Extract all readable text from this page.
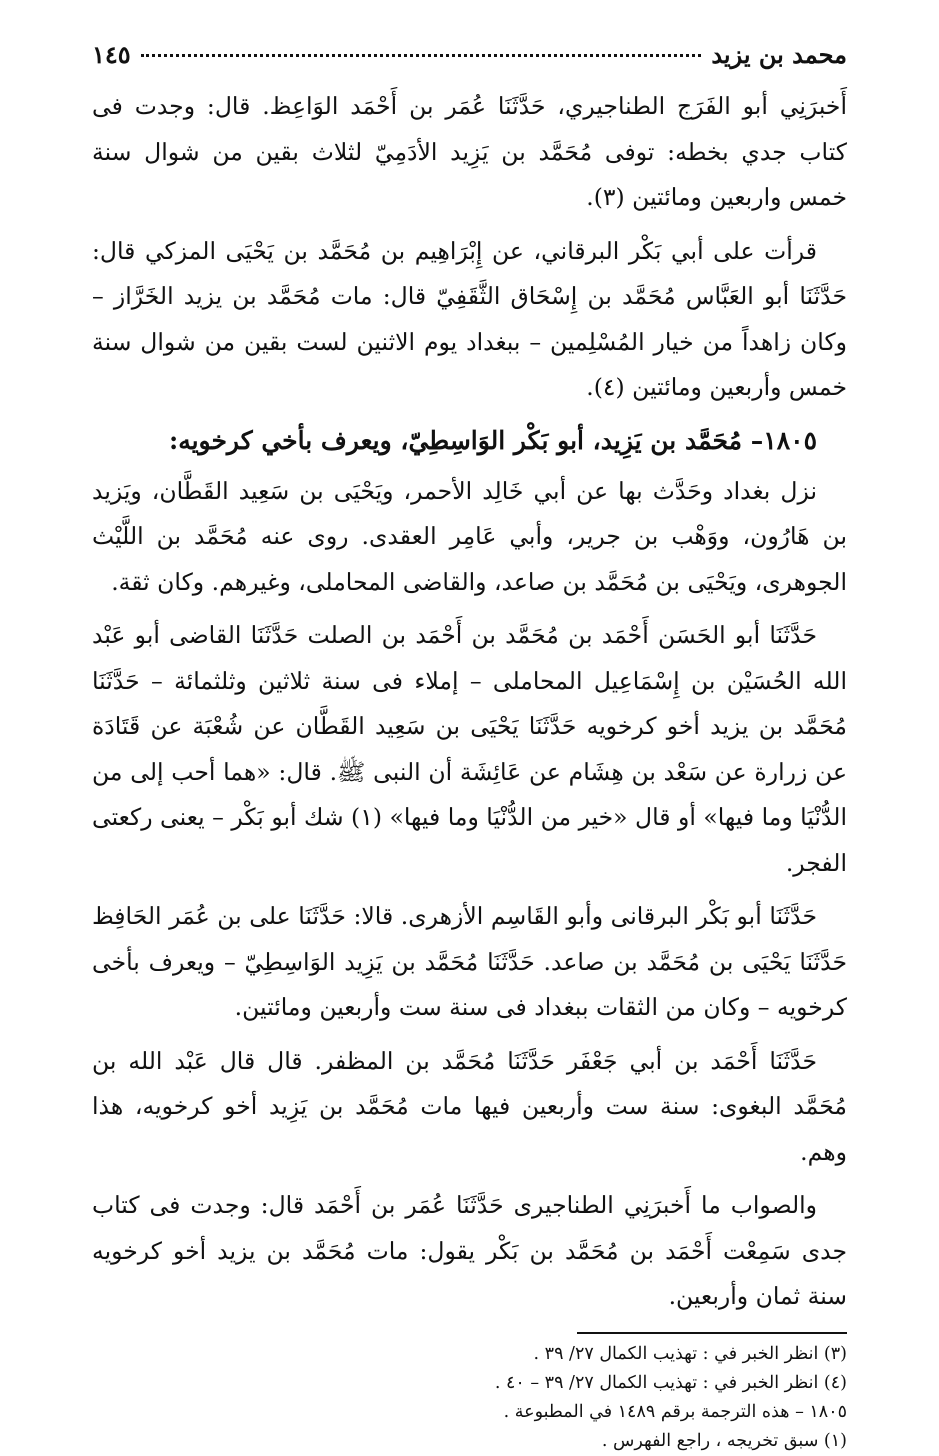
محمد بن يزيد
١٤٥

أَخبرَنِي أبو الفَرَج الطناجيري، حَدَّثَنَا عُمَر بن أَحْمَد الوَاعِظ. قال: وجدت فى كتاب جدي بخطه: توفى مُحَمَّد بن يَزِيد الأدَمِيّ لثلاث بقين من شوال سنة خمس واربعين ومائتين (٣).

قرأت على أبي بَكْر البرقاني، عن إِبْرَاهِيم بن مُحَمَّد بن يَحْيَى المزكي قال: حَدَّثَنَا أبو العَبَّاس مُحَمَّد بن إِسْحَاق الثَّقَفِيّ قال: مات مُحَمَّد بن يزيد الخَرَّاز – وكان زاهداً من خيار المُسْلِمين – ببغداد يوم الاثنين لست بقين من شوال سنة خمس وأربعين ومائتين (٤).

١٨٠٥– مُحَمَّد بن يَزِيد، أبو بَكْر الوَاسِطِيّ، ويعرف بأخي كرخويه:

نزل بغداد وحَدَّث بها عن أبي خَالِد الأحمر، ويَحْيَى بن سَعِيد القَطَّان، ويَزيد بن هَارُون، ووَهْب بن جرير، وأبي عَامِر العقدى. روى عنه مُحَمَّد بن اللَّيْث الجوهرى، ويَحْيَى بن مُحَمَّد بن صاعد، والقاضى المحاملى، وغيرهم. وكان ثقة.

حَدَّثَنَا أبو الحَسَن أَحْمَد بن مُحَمَّد بن أَحْمَد بن الصلت حَدَّثَنَا القاضى أبو عَبْد الله الحُسَيْن بن إِسْمَاعِيل المحاملى – إملاء فى سنة ثلاثين وثلثمائة – حَدَّثَنَا مُحَمَّد بن يزيد أخو كرخويه حَدَّثَنَا يَحْيَى بن سَعِيد القَطَّان عن شُعْبَة عن قَتَادَة عن زرارة عن سَعْد بن هِشَام عن عَائِشَة أن النبى ﷺ. قال: «هما أحب إلى من الدُّنْيَا وما فيها» أو قال «خير من الدُّنْيَا وما فيها» (١) شك أبو بَكْر – يعنى ركعتى الفجر.

حَدَّثَنَا أبو بَكْر البرقانى وأبو القَاسِم الأزهرى. قالا: حَدَّثَنَا على بن عُمَر الحَافِظ حَدَّثَنَا يَحْيَى بن مُحَمَّد بن صاعد. حَدَّثَنَا مُحَمَّد بن يَزِيد الوَاسِطِيّ – ويعرف بأخى كرخويه – وكان من الثقات ببغداد فى سنة ست وأربعين ومائتين.

حَدَّثَنَا أَحْمَد بن أبي جَعْفَر حَدَّثَنَا مُحَمَّد بن المظفر. قال قال عَبْد الله بن مُحَمَّد البغوى: سنة ست وأربعين فيها مات مُحَمَّد بن يَزِيد أخو كرخويه، هذا وهم.

والصواب ما أَخبرَنِي الطناجيرى حَدَّثَنَا عُمَر بن أَحْمَد قال: وجدت فى كتاب جدى سَمِعْت أَحْمَد بن مُحَمَّد بن بَكْر يقول: مات مُحَمَّد بن يزيد أخو كرخويه سنة ثمان وأربعين.

(٣) انظر الخبر في : تهذيب الكمال ٢٧/ ٣٩ .
(٤) انظر الخبر في : تهذيب الكمال ٢٧/ ٣٩ – ٤٠ .
١٨٠٥ – هذه الترجمة برقم ١٤٨٩ في المطبوعة .
(١) سبق تخريجه ، راجع الفهرس .
